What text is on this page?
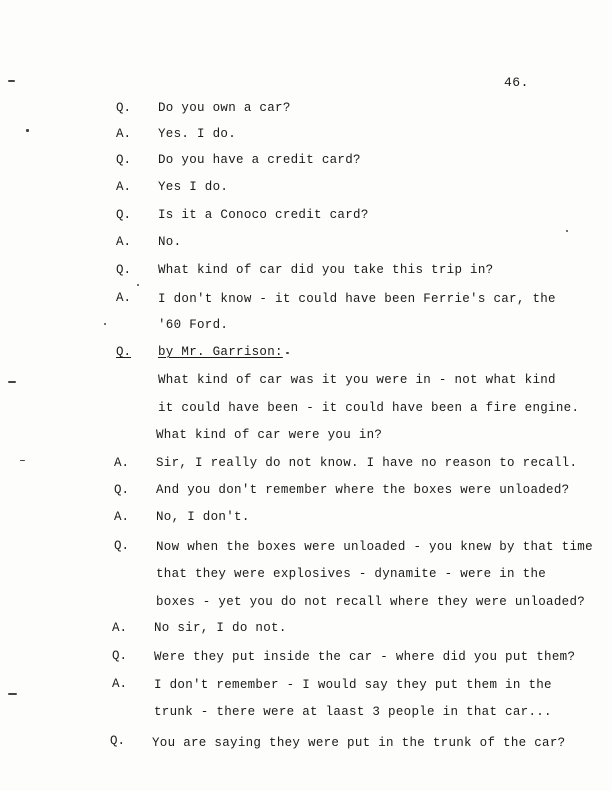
46.
Q. Do you own a car?
A. Yes. I do.
Q. Do you have a credit card?
A. Yes I do.
Q. Is it a Conoco credit card?
A. No.
Q. What kind of car did you take this trip in?
A. I don't know - it could have been Ferrie's car, the
'60 Ford.
Q. by Mr. Garrison:
What kind of car was it you were in - not what kind
it could have been - it could have been a fire engine.
What kind of car were you in?
A. Sir, I really do not know. I have no reason to recall.
Q. And you don't remember where the boxes were unloaded?
A. No, I don't.
Q. Now when the boxes were unloaded - you knew by that time
that they were explosives - dynamite - were in the
boxes - yet you do not recall where they were unloaded?
A. No sir, I do not.
Q. Were they put inside the car - where did you put them?
A. I don't remember - I would say they put them in the
trunk - there were at laast 3 people in that car...
Q. You are saying they were put in the trunk of the car?
